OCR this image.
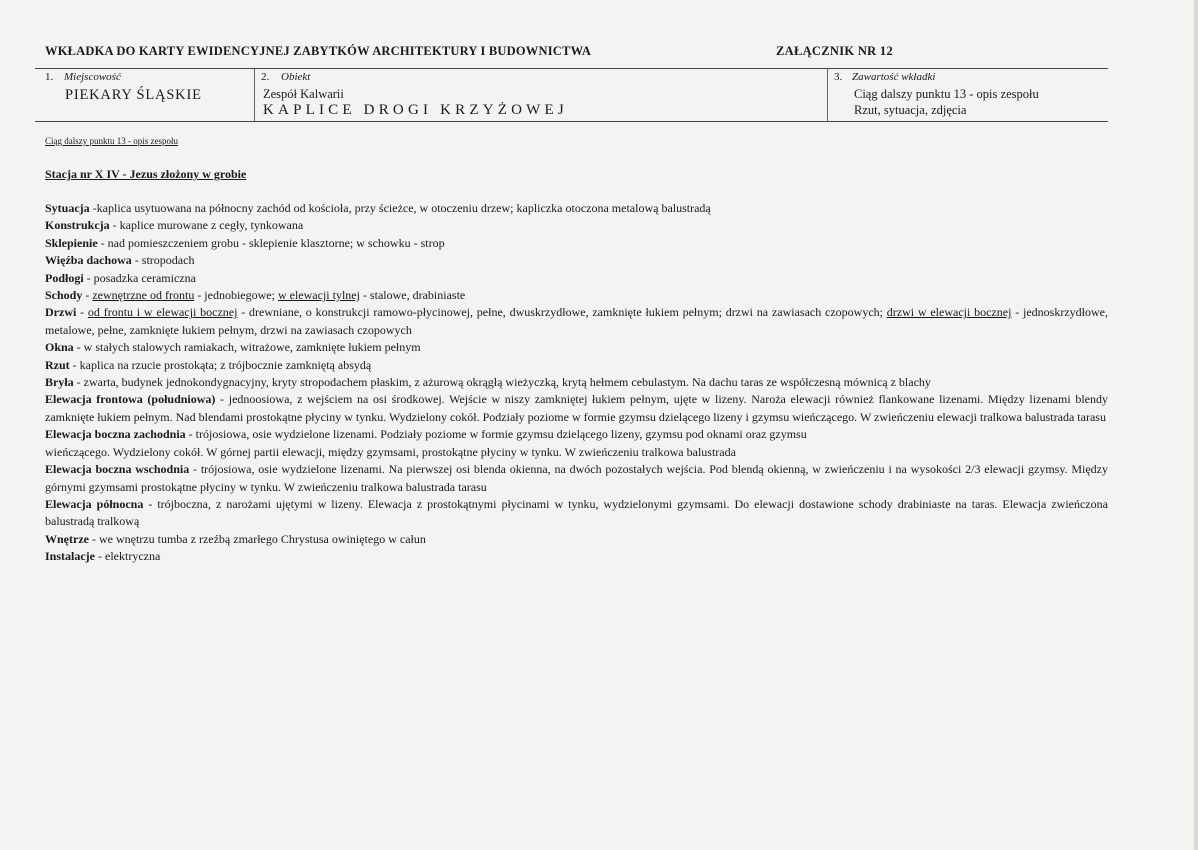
WKŁADKA DO KARTY EWIDENCYJNEJ ZABYTKÓW ARCHITEKTURY I BUDOWNICTWA	ZAŁĄCZNIK NR 12
1. Miejscowość
PIEKARY ŚLĄSKIE
2. Obiekt
Zespół Kalwarii
KAPLICE DROGI KRZYŻOWEJ
3. Zawartość wkładki
Ciąg dalszy punktu 13 - opis zespołu
Rzut, sytuacja, zdjęcia
Ciąg dalszy punktu 13 - opis zespołu
Stacja nr X IV - Jezus złożony w grobie
Sytuacja -kaplica usytuowana na północny zachód od kościoła, przy ścieżce, w otoczeniu drzew; kapliczka otoczona metalową balustradą
Konstrukcja - kaplice murowane z cegły, tynkowana
Sklepienie - nad pomieszczeniem grobu - sklepienie klasztorne; w schowku - strop
Więźba dachowa - stropodach
Podłogi - posadzka ceramiczna
Schody - zewnętrzne od frontu - jednobiegowe; w elewacji tylnej - stalowe, drabiniaste
Drzwi - od frontu i w elewacji bocznej - drewniane, o konstrukcji ramowo-płycinowej, pełne, dwuskrzydłowe, zamknięte łukiem pełnym; drzwi na zawiasach czopowych; drzwi w elewacji bocznej - jednoskrzydłowe, metalowe, pełne, zamknięte łukiem pełnym, drzwi na zawiasach czopowych
Okna - w stałych stalowych ramiakach, witrażowe, zamknięte łukiem pełnym
Rzut - kaplica na rzucie prostokąta; z trójbocznie zamkniętą absydą
Bryła - zwarta, budynek jednokondygnacyjny, kryty stropodachem płaskim, z ażurową okrągłą wieżyczką, krytą hełmem cebulastym. Na dachu taras ze współczesną mównicą z blachy
Elewacja frontowa (południowa) - jednoosiowa, z wejściem na osi środkowej. Wejście w niszy zamkniętej łukiem pełnym, ujęte w lizeny. Naroża elewacji również flankowane lizenami. Między lizenami blendy zamknięte łukiem pełnym. Nad blendami prostokątne płyciny w tynku. Wydzielony cokół. Podziały poziome w formie gzymsu dzielącego lizeny i gzymsu wieńczącego. W zwieńczeniu elewacji tralkowa balustrada tarasu
Elewacja boczna zachodnia - trójosiowa, osie wydzielone lizenami. Podziały poziome w formie gzymsu dzielącego lizeny, gzymsu pod oknami oraz gzymsu
wieńczącego. Wydzielony cokół. W górnej partii elewacji, między gzymsami, prostokątne płyciny w tynku. W zwieńczeniu tralkowa balustrada
Elewacja boczna wschodnia - trójosiowa, osie wydzielone lizenami. Na pierwszej osi blenda okienna, na dwóch pozostałych wejścia. Pod blendą okienną, w zwieńczeniu i na wysokości 2/3 elewacji gzymsy. Między górnymi gzymsami prostokątne płyciny w tynku. W zwieńczeniu tralkowa balustrada tarasu
Elewacja północna - trójboczna, z narożami ujętymi w lizeny. Elewacja z prostokątnymi płycinami w tynku, wydzielonymi gzymsami. Do elewacji dostawione schody drabiniaste na taras. Elewacja zwieńczona balustradą tralkową
Wnętrze - we wnętrzu tumba z rzeźbą zmarłego Chrystusa owiniętego w całun
Instalacje - elektryczna
